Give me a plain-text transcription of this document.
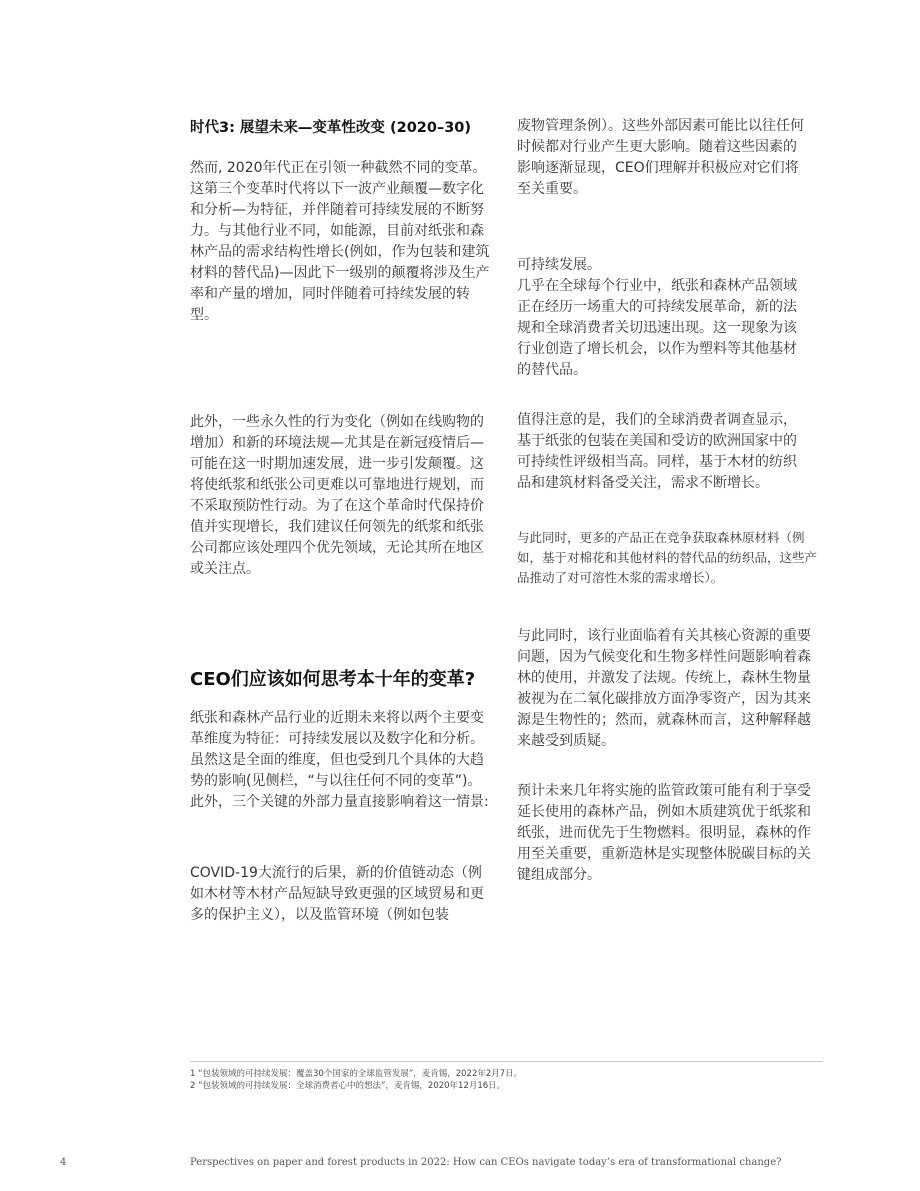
时代3: 展望未来—变革性改变 (2020–30)

然而, 2020年代正在引领一种截然不同的变革。这第三个变革时代将以下一波产业颠覆—数字化和分析—为特征，并伴随着可持续发展的不断努力。与其他行业不同，如能源，目前对纸张和森林产品的需求结构性增长(例如，作为包装和建筑材料的替代品)—因此下一级别的颠覆将涉及生产率和产量的增加，同时伴随着可持续发展的转型。

此外，一些永久性的行为变化（例如在线购物的增加）和新的环境法规—尤其是在新冠疫情后—可能在这一时期加速发展，进一步引发颠覆。这将使纸浆和纸张公司更难以可靠地进行规划，而不采取预防性行动。为了在这个革命时代保持价值并实现增长，我们建议任何领先的纸浆和纸张公司都应该处理四个优先领域，无论其所在地区或关注点。

CEO们应该如何思考本十年的变革?

纸张和森林产品行业的近期未来将以两个主要变革维度为特征：可持续发展以及数字化和分析。虽然这是全面的维度，但也受到几个具体的大趋势的影响(见侧栏，“与以往任何不同的变革”)。此外，三个关键的外部力量直接影响着这一情景:

COVID-19大流行的后果，新的价值链动态（例如木材等木材产品短缺导致更强的区域贸易和更多的保护主义），以及监管环境（例如包装

废物管理条例）。这些外部因素可能比以往任何时候都对行业产生更大影响。随着这些因素的影响逐渐显现，CEO们理解并积极应对它们将至关重要。

可持续发展。

几乎在全球每个行业中，纸张和森林产品领域正在经历一场重大的可持续发展革命，新的法规和全球消费者关切迅速出现。这一现象为该行业创造了增长机会，以作为塑料等其他基材的替代品。

值得注意的是，我们的全球消费者调查显示，基于纸张的包装在美国和受访的欧洲国家中的可持续性评级相当高。同样，基于木材的纺织品和建筑材料备受关注，需求不断增长。

与此同时，更多的产品正在竞争获取森林原材料（例如，基于对棉花和其他材料的替代品的纺织品，这些产品推动了对可溶性木浆的需求增长）。

与此同时，该行业面临着有关其核心资源的重要问题，因为气候变化和生物多样性问题影响着森林的使用，并激发了法规。传统上，森林生物量被视为在二氧化碳排放方面净零资产，因为其来源是生物性的；然而，就森林而言，这种解释越来越受到质疑。

预计未来几年将实施的监管政策可能有利于享受延长使用的森林产品，例如木质建筑优于纸浆和纸张，进而优先于生物燃料。很明显，森林的作用至关重要，重新造林是实现整体脱碳目标的关键组成部分。

1 “包装领域的可持续发展：覆盖30个国家的全球监管发展”，麦肯锡，2022年2月7日。

2 “包装领域的可持续发展：全球消费者心中的想法”，麦肯锡，2020年12月16日。

4	Perspectives on paper and forest products in 2022: How can CEOs navigate today’s era of transformational change?
